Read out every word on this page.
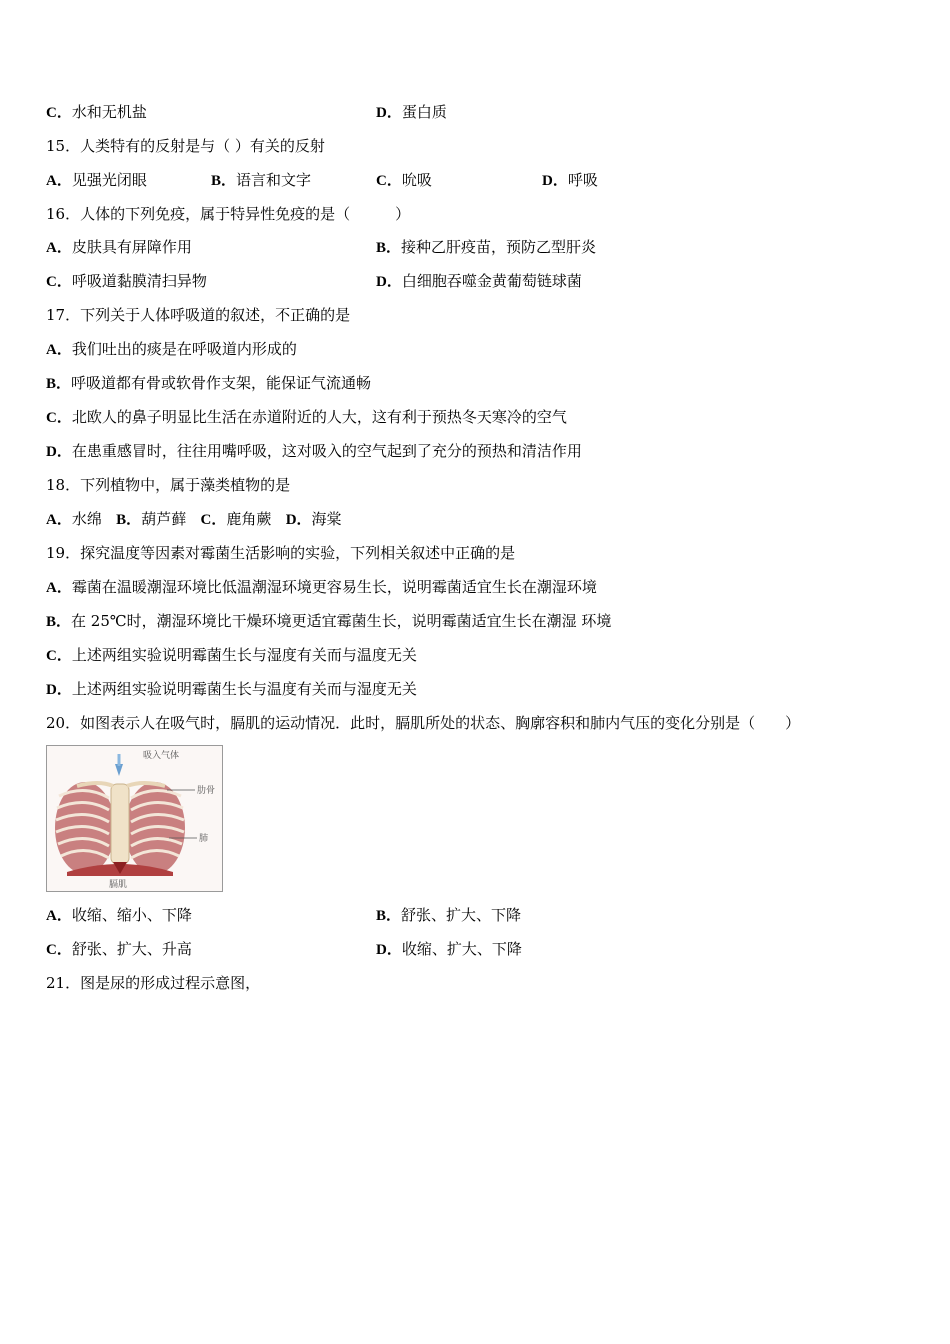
C．水和无机盐	D．蛋白质
15．人类特有的反射是与（ ）有关的反射
A．见强光闭眼	B．语言和文字	C．吮吸	D．呼吸
16．人体的下列免疫，属于特异性免疫的是（　　　）
A．皮肤具有屏障作用	B．接种乙肝疫苗，预防乙型肝炎
C．呼吸道黏膜清扫异物	D．白细胞吞噬金黄葡萄链球菌
17．下列关于人体呼吸道的叙述，不正确的是
A．我们吐出的痰是在呼吸道内形成的
B．呼吸道都有骨或软骨作支架，能保证气流通畅
C．北欧人的鼻子明显比生活在赤道附近的人大，这有利于预热冬天寒冷的空气
D．在患重感冒时，往往用嘴呼吸，这对吸入的空气起到了充分的预热和清洁作用
18．下列植物中，属于藻类植物的是
A．水绵 B．葫芦藓 C．鹿角蕨 D．海棠
19．探究温度等因素对霉菌生活影响的实验，下列相关叙述中正确的是
A．霉菌在温暖潮湿环境比低温潮湿环境更容易生长，说明霉菌适宜生长在潮湿环境
B．在 25℃时，潮湿环境比干燥环境更适宜霉菌生长，说明霉菌适宜生长在潮湿 环境
C．上述两组实验说明霉菌生长与湿度有关而与温度无关
D．上述两组实验说明霉菌生长与温度有关而与湿度无关
20．如图表示人在吸气时，膈肌的运动情况．此时，膈肌所处的状态、胸廓容积和肺内气压的变化分别是（　　）
吸入气体
肋骨
肺
膈肌
A．收缩、缩小、下降	B．舒张、扩大、下降
C．舒张、扩大、升高	D．收缩、扩大、下降
21．图是尿的形成过程示意图，
